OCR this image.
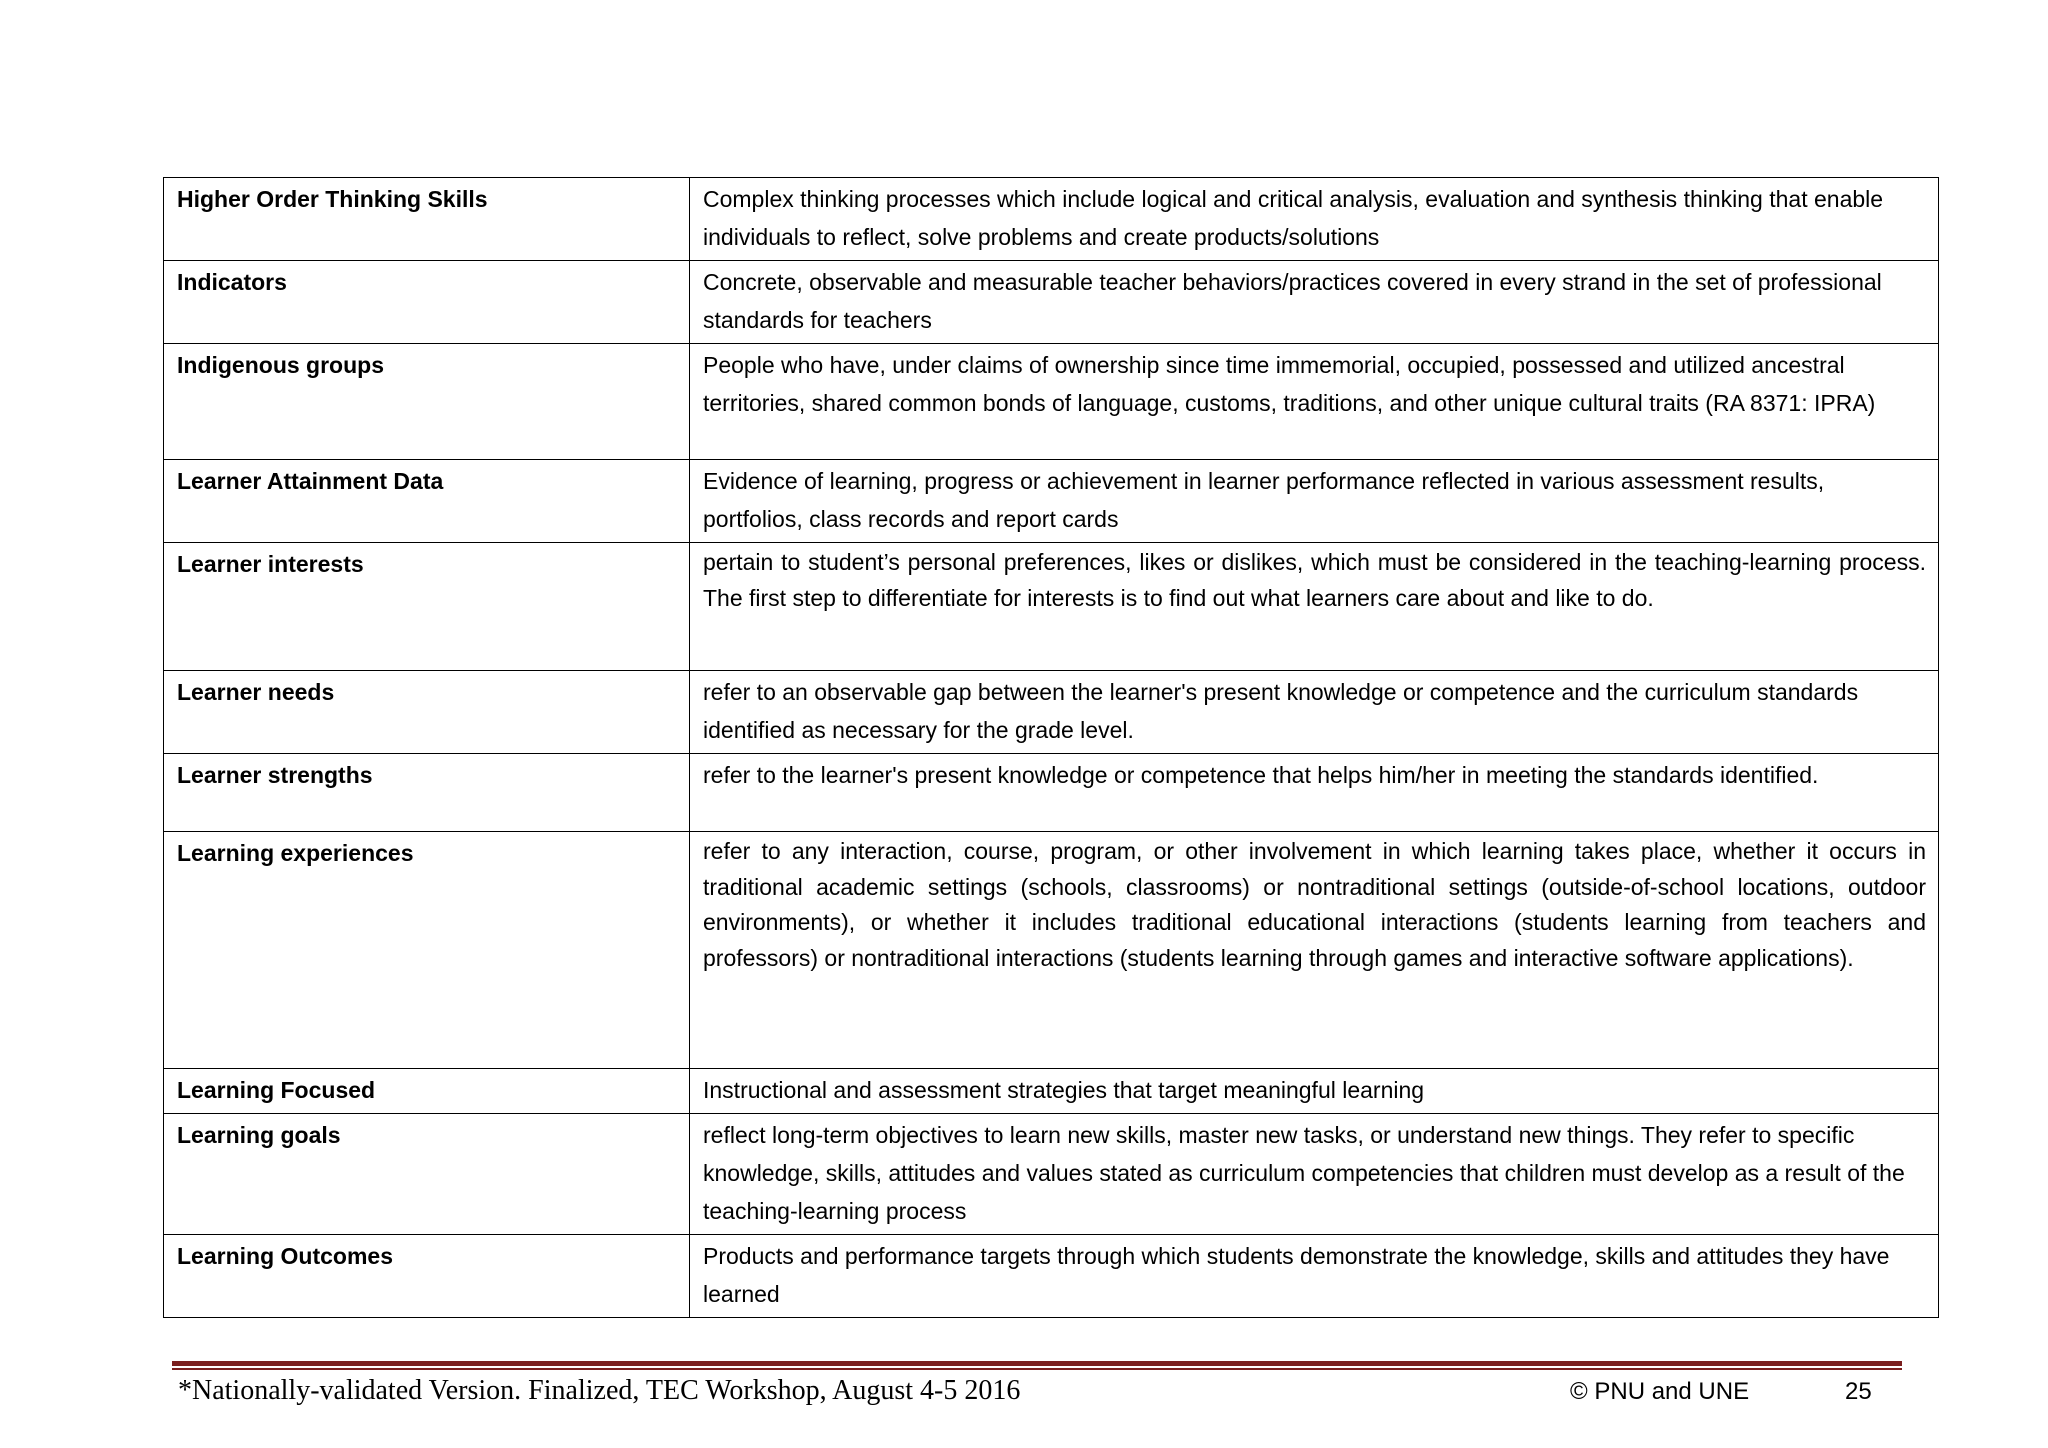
Higher Order Thinking Skills	Complex thinking processes which include logical and critical analysis, evaluation and synthesis thinking that enable individuals to reflect, solve problems and create products/solutions
Indicators	Concrete, observable and measurable teacher behaviors/practices covered in every strand in the set of professional standards for teachers
Indigenous groups	People who have, under claims of ownership since time immemorial, occupied, possessed and utilized ancestral territories, shared common bonds of language, customs, traditions, and other unique cultural traits (RA 8371: IPRA)
Learner Attainment Data	Evidence of learning, progress or achievement in learner performance reflected in various assessment results, portfolios, class records and report cards
Learner interests	pertain to student’s personal preferences, likes or dislikes, which must be considered in the teaching-learning process. The first step to differentiate for interests is to find out what learners care about and like to do.
Learner needs	refer to an observable gap between the learner's present knowledge or competence and the curriculum standards identified as necessary for the grade level.
Learner strengths	refer to the learner's present knowledge or competence that helps him/her in meeting the standards identified.
Learning experiences	refer to any interaction, course, program, or other involvement in which learning takes place, whether it occurs in traditional academic settings (schools, classrooms) or nontraditional settings (outside-of-school locations, outdoor environments), or whether it includes traditional educational interactions (students learning from teachers and professors) or nontraditional interactions (students learning through games and interactive software applications).
Learning Focused	Instructional and assessment strategies that target meaningful learning
Learning goals	reflect long-term objectives to learn new skills, master new tasks, or understand new things. They refer to specific knowledge, skills, attitudes and values stated as curriculum competencies that children must develop as a result of the teaching-learning process
Learning Outcomes	Products and performance targets through which students demonstrate the knowledge, skills and attitudes they have learned
*Nationally-validated Version. Finalized, TEC Workshop, August 4-5 2016	© PNU and UNE	25
